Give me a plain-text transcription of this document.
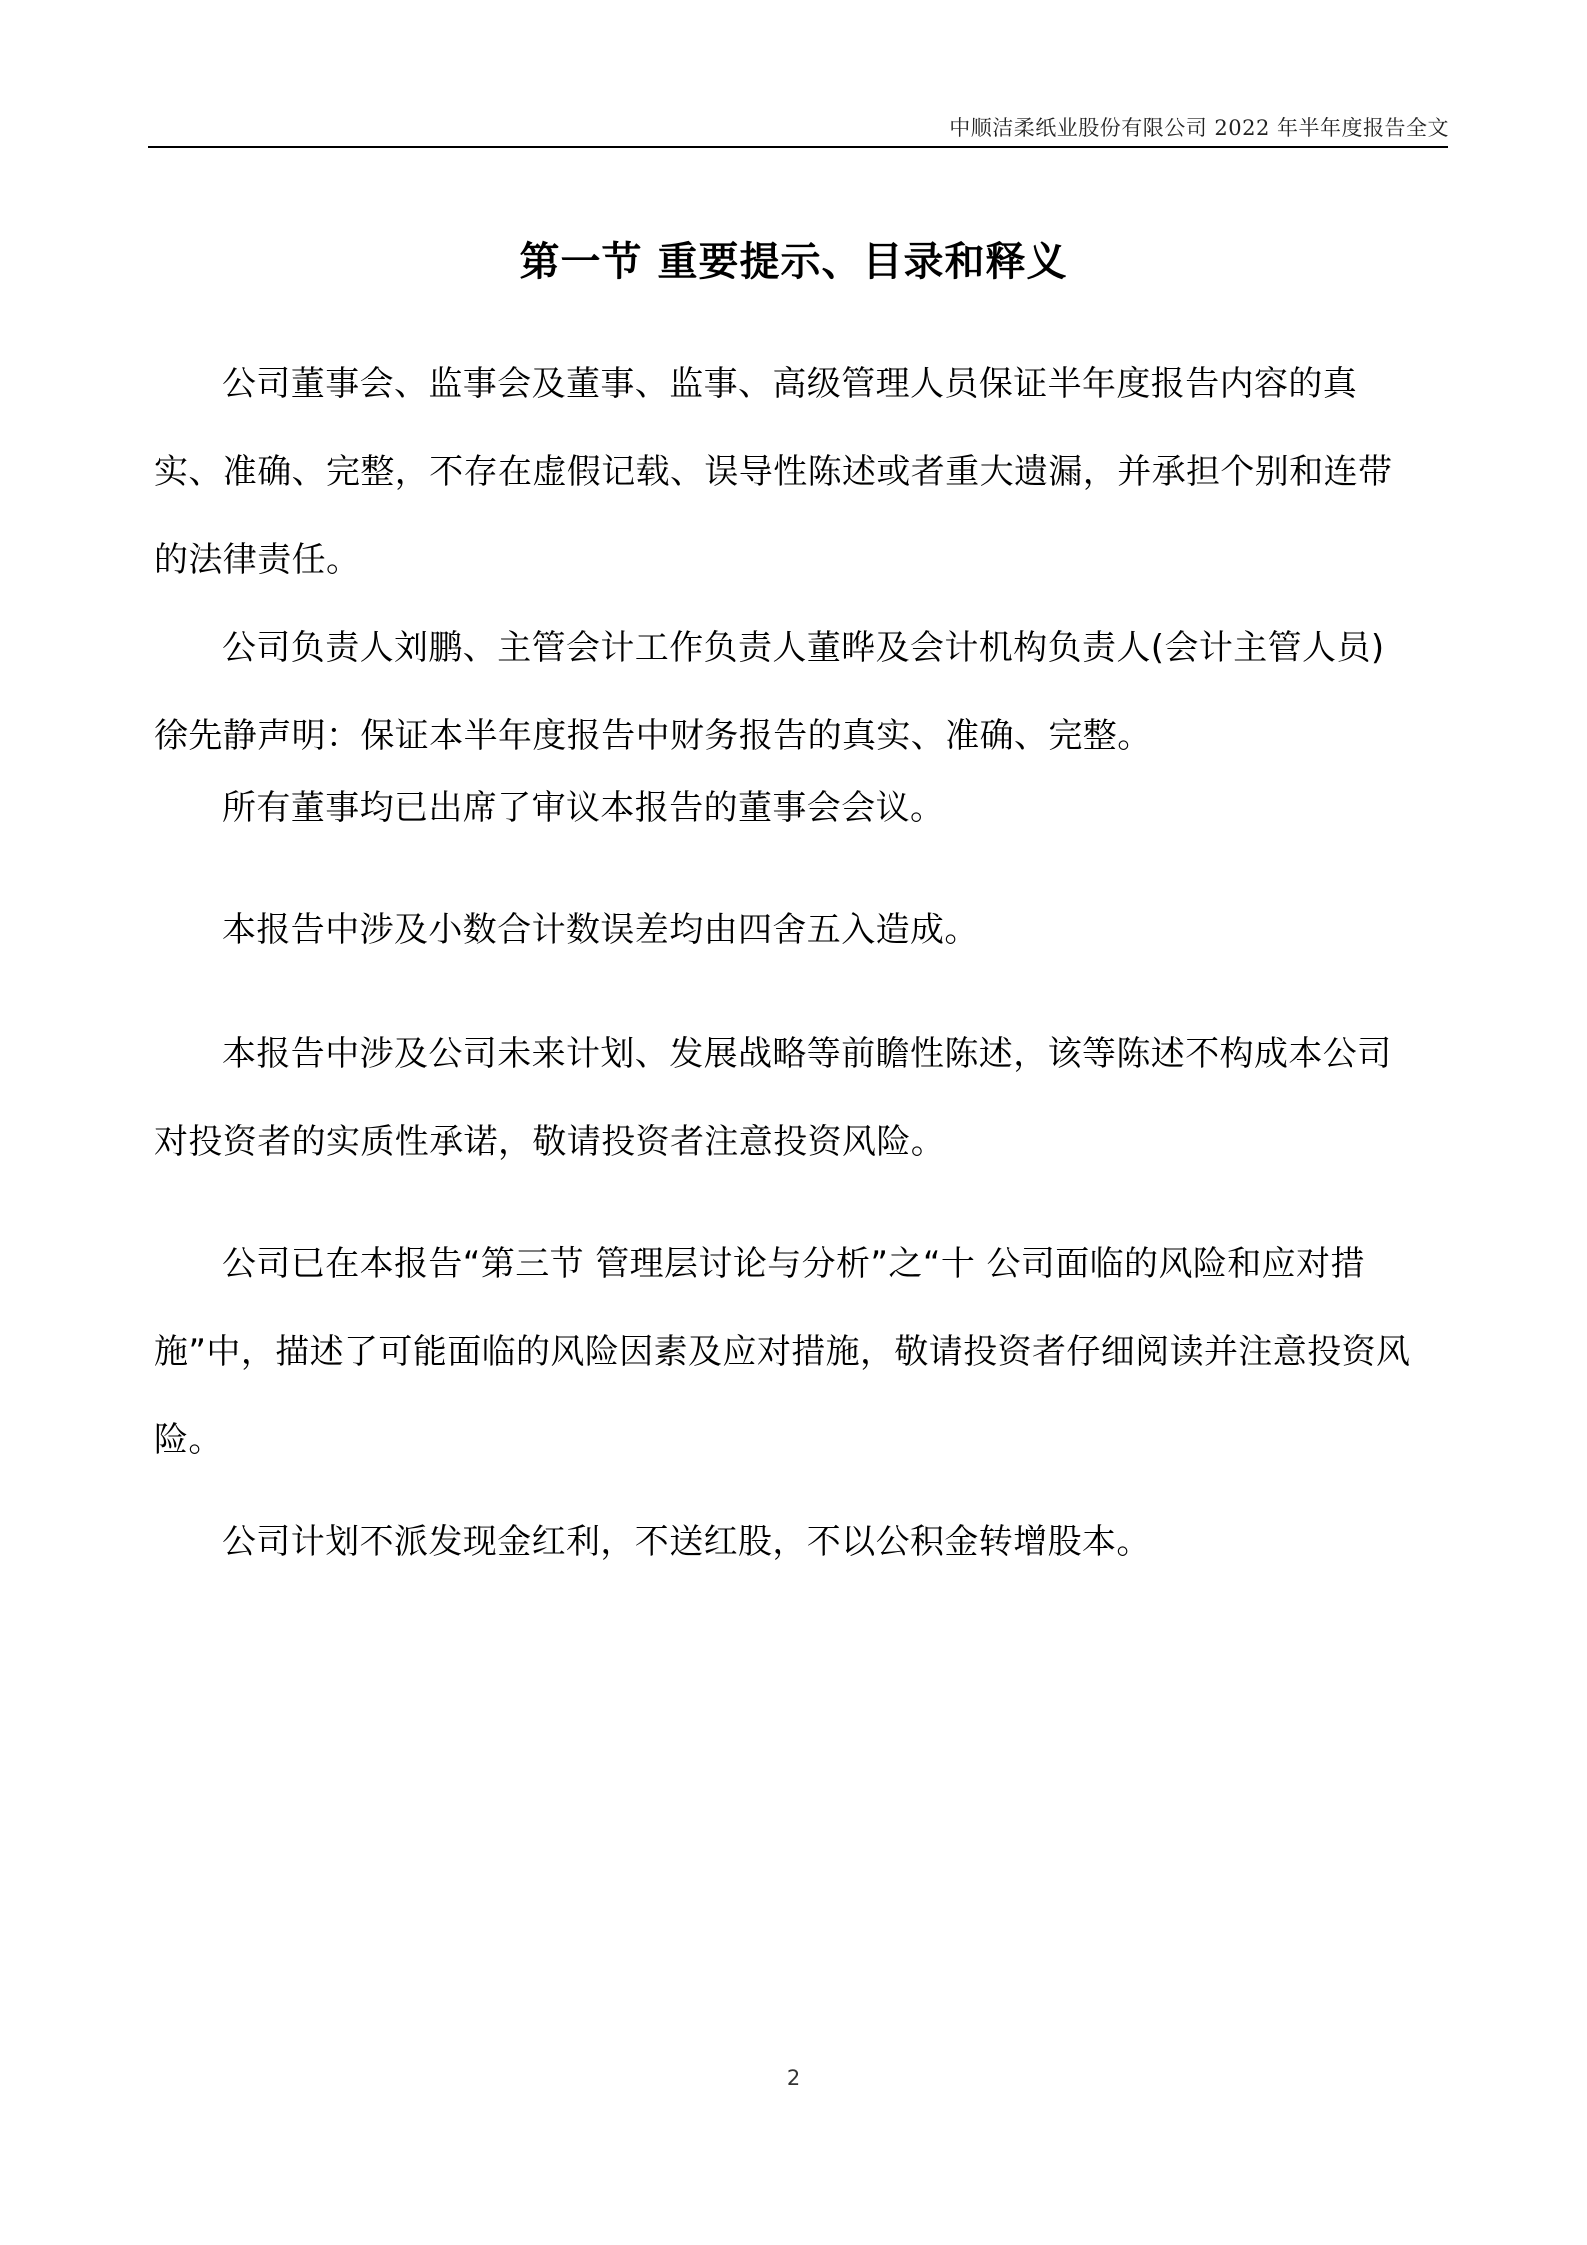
中顺洁柔纸业股份有限公司 2022 年半年度报告全文
第一节 重要提示、目录和释义

公司董事会、监事会及董事、监事、高级管理人员保证半年度报告内容的真实、准确、完整，不存在虚假记载、误导性陈述或者重大遗漏，并承担个别和连带的法律责任。

公司负责人刘鹏、主管会计工作负责人董晔及会计机构负责人(会计主管人员)徐先静声明：保证本半年度报告中财务报告的真实、准确、完整。

所有董事均已出席了审议本报告的董事会会议。

本报告中涉及小数合计数误差均由四舍五入造成。

本报告中涉及公司未来计划、发展战略等前瞻性陈述，该等陈述不构成本公司对投资者的实质性承诺，敬请投资者注意投资风险。

公司已在本报告“第三节 管理层讨论与分析”之“十 公司面临的风险和应对措施”中，描述了可能面临的风险因素及应对措施，敬请投资者仔细阅读并注意投资风险。

公司计划不派发现金红利，不送红股，不以公积金转增股本。

2
